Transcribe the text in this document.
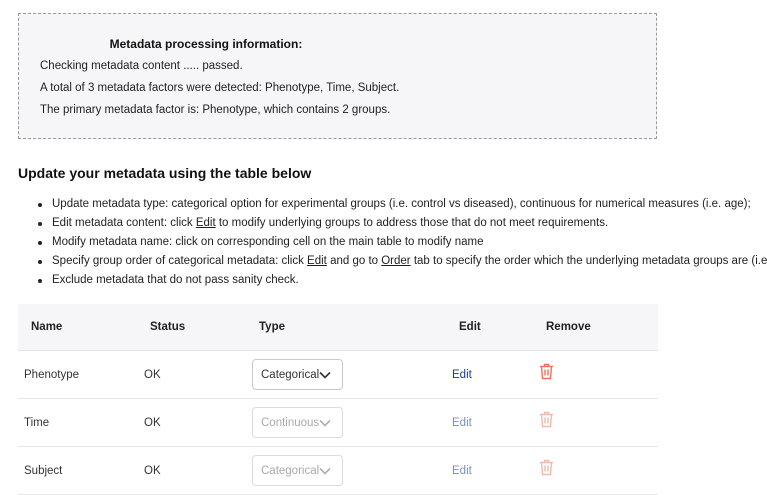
Metadata processing information:
Checking metadata content ..... passed.
A total of 3 metadata factors were detected: Phenotype, Time, Subject.
The primary metadata factor is: Phenotype, which contains 2 groups.
Update your metadata using the table below
Update metadata type: categorical option for experimental groups (i.e. control vs diseased), continuous for numerical measures (i.e. age);
Edit metadata content: click Edit to modify underlying groups to address those that do not meet requirements.
Modify metadata name: click on corresponding cell on the main table to modify name
Specify group order of categorical metadata: click Edit and go to Order tab to specify the order which the underlying metadata groups are (i.e
Exclude metadata that do not pass sanity check.
Name	Status	Type	Edit	Remove
Phenotype	OK	Categorical	Edit
Time	OK	Continuous	Edit
Subject	OK	Categorical	Edit
